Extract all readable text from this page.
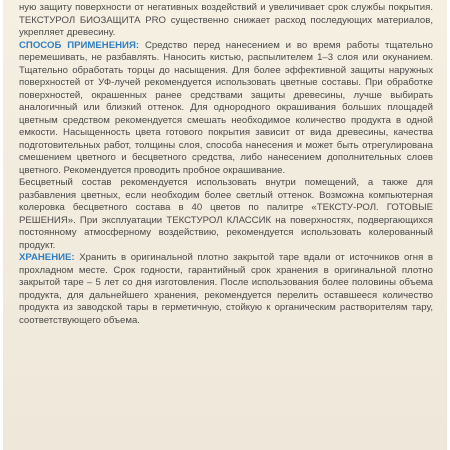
ную защиту поверхности от негативных воздействий и увеличивает срок службы покрытия. ТЕКСТУРОЛ БИОЗАЩИТА PRO существенно снижает расход последующих материалов, укрепляет древесину.

СПОСОБ ПРИМЕНЕНИЯ: Средство перед нанесением и во время работы тщательно перемешивать, не разбавлять. Наносить кистью, распылителем 1–3 слоя или окунанием. Тщательно обработать торцы до насыщения. Для более эффективной защиты наружных поверхностей от УФ-лучей рекомендуется использовать цветные составы. При обработке поверхностей, окрашенных ранее средствами защиты древесины, лучше выбирать аналогичный или близкий оттенок. Для однородного окрашивания больших площадей цветным средством рекомендуется смешать необходимое количество продукта в одной емкости. Насыщенность цвета готового покрытия зависит от вида древесины, качества подготовительных работ, толщины слоя, способа нанесения и может быть отрегулирована смешением цветного и бесцветного средства, либо нанесением дополнительных слоев цветного. Рекомендуется проводить пробное окрашивание.

Бесцветный состав рекомендуется использовать внутри помещений, а также для разбавления цветных, если необходим более светлый оттенок. Возможна компьютерная колеровка бесцветного состава в 40 цветов по палитре «ТЕКСТУ-РОЛ. ГОТОВЫЕ РЕШЕНИЯ». При эксплуатации ТЕКСТУРОЛ КЛАССИК на поверхностях, подвергающихся постоянному атмосферному воздействию, рекомендуется использовать колерованный продукт.

ХРАНЕНИЕ: Хранить в оригинальной плотно закрытой таре вдали от источников огня в прохладном месте. Срок годности, гарантийный срок хранения в оригинальной плотно закрытой таре – 5 лет со дня изготовления. После использования более половины объема продукта, для дальнейшего хранения, рекомендуется перелить оставшееся количество продукта из заводской тары в герметичную, стойкую к органическим растворителям тару, соответствующего объема.
